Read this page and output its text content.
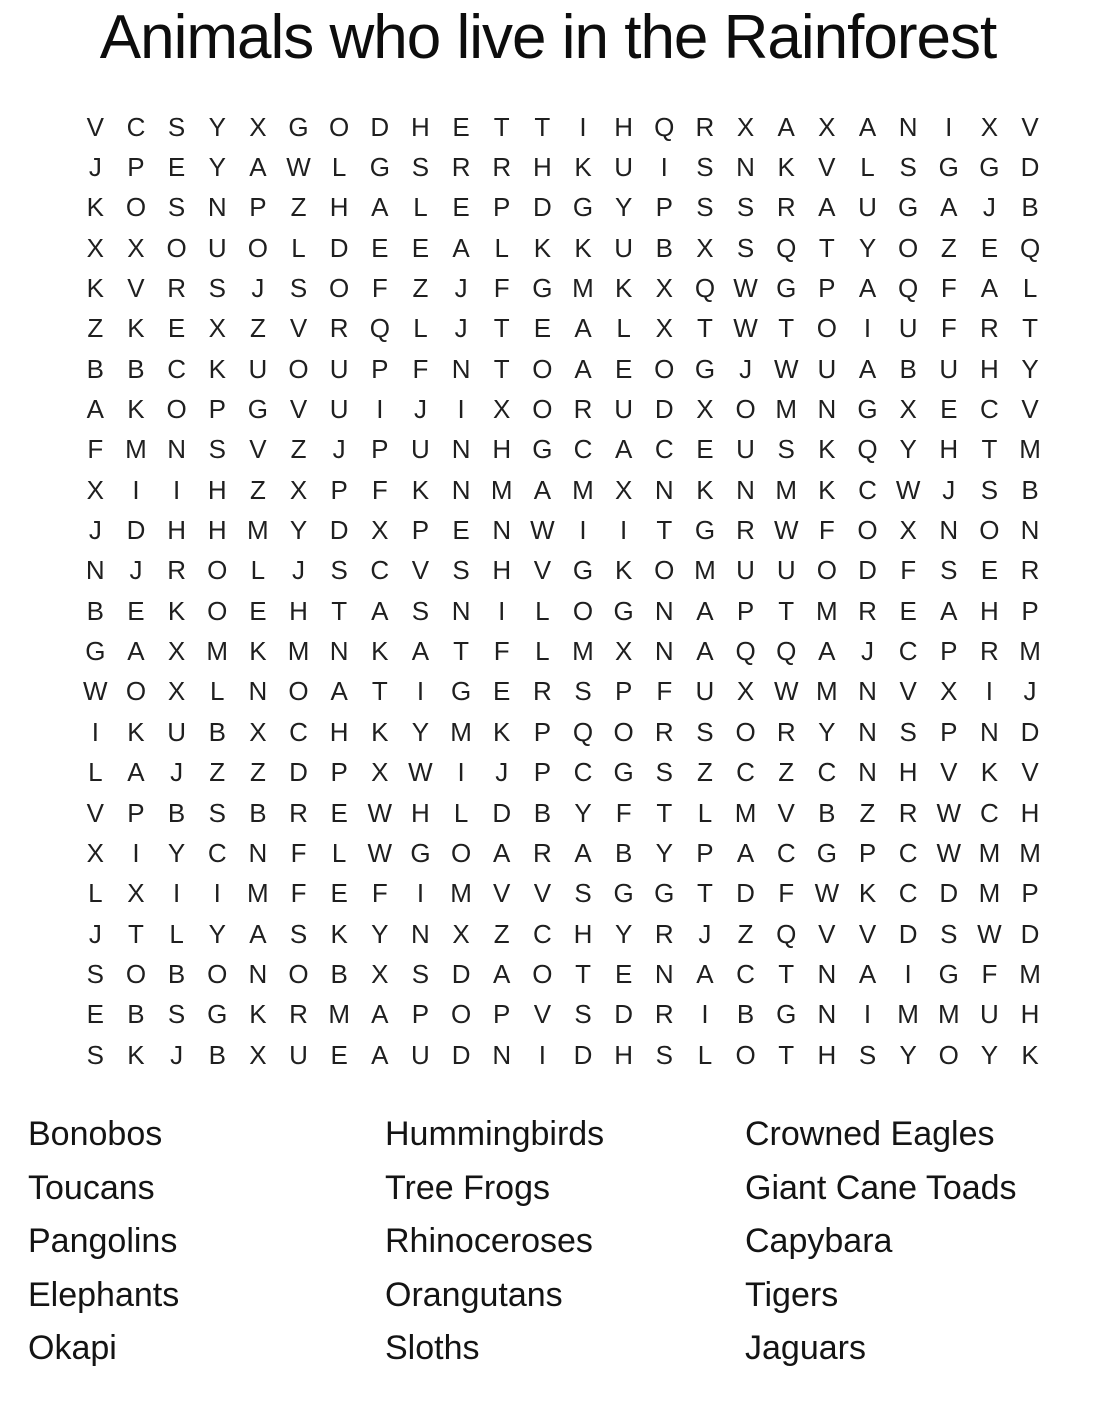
Animals who live in the Rainforest
V C S Y X G O D H E T T	I	H Q R X A X A N	I	X V
J P E Y A W L G S R R H K U	I	S N K V L S G G D
K O S N P Z H A L E P D G Y P S S R A U G A J B
X X O U O L D E E A L K K U B X S Q T Y O Z E Q
K V R S J S O F Z	J	F G M K X Q W G P A Q F A L
Z K E X Z V R Q L	J	T E A L X T W T O	I	U F R T
B B C K U O U P F N T O A E O G J W U A B U H Y
A K O P G V U	I	J	I	X O R U D X O M N G X E C V
F M N S V Z	J P U N H G C A C E U S K Q Y H T M
X	I	I	H Z X P F K N M A M X N K N M K C W J S B
J D H H M Y D X P E N W I	I	T G R W F O X N O N
N J R O L	J S C V S H V G K O M U U O D F S E R
B E K O E H T A S N	I	L O G N A P T M R E A H P
G A X M K M N K A T F L M X N A Q Q A J C P R M
W O X L N O A T	I	G E R S P F U X W M N V X	I	J
I	K U B X C H K Y M K P Q O R S O R Y N S P N D
L A J	Z Z D P X W I	J P C G S Z C Z C N H V K V
V P B S B R E W H L D B Y F T L M V B Z R W C H
X	I	Y C N F L W G O A R A B Y P A C G P C W M M
L X	I	I	M F E F	I	M V V S G G T D F W K C D M P
J	T L Y A S K Y N X Z C H Y R J	Z Q V V D S W D
S O B O N O B X S D A O T E N A C T N A	I	G F M
E B S G K R M A P O P V S D R	I	B G N	I	M M U H
S K J B X U E A U D N	I	D H S L O T H S Y O Y K
Bonobos
Toucans
Pangolins
Elephants
Okapi
Hummingbirds
Tree Frogs
Rhinoceroses
Orangutans
Sloths
Crowned Eagles
Giant Cane Toads
Capybara
Tigers
Jaguars
